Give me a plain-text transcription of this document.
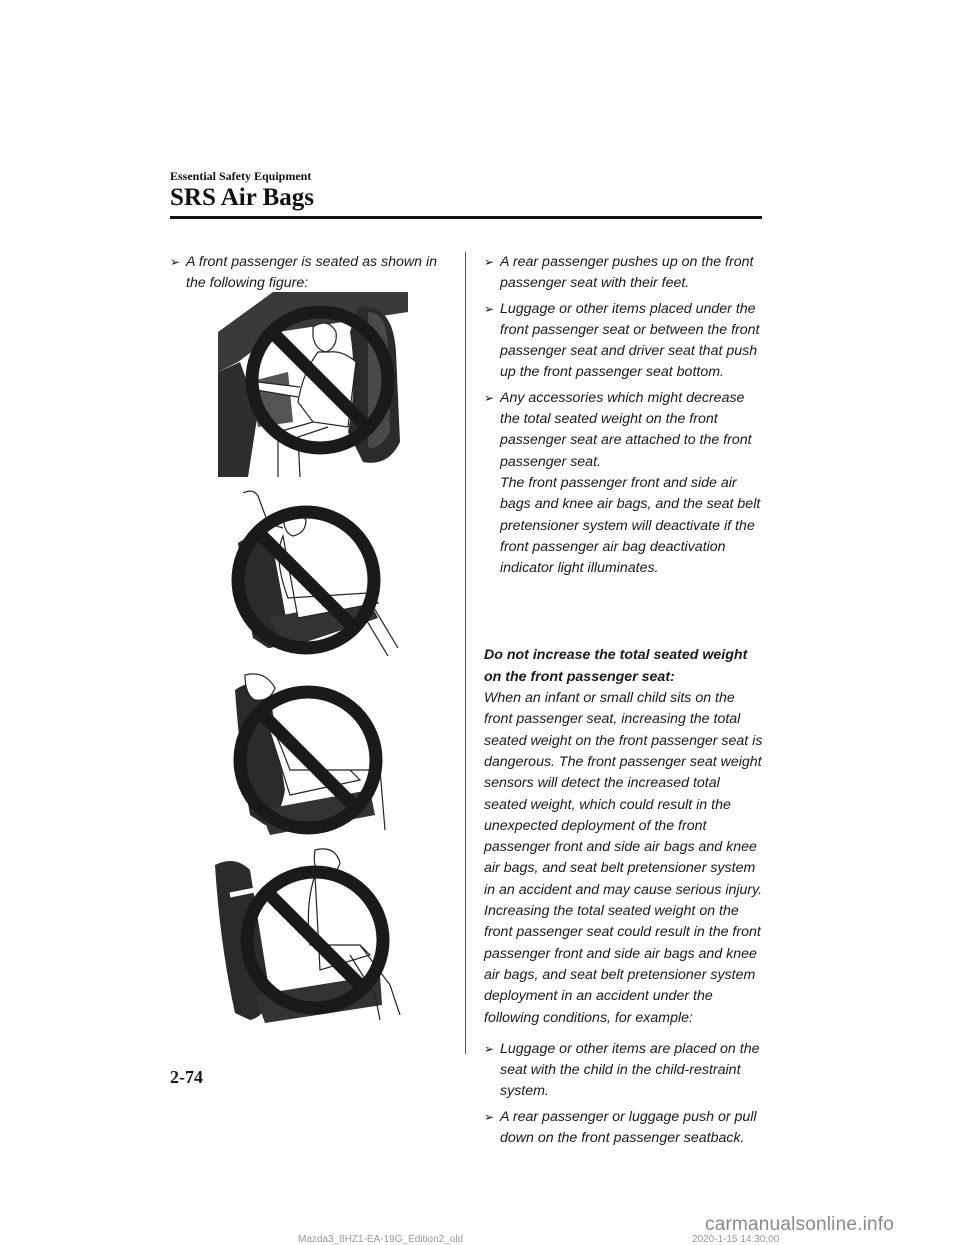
Essential Safety Equipment
SRS Air Bags
➢ A front passenger is seated as shown in the following figure:
➢ A rear passenger pushes up on the front passenger seat with their feet.
➢ Luggage or other items placed under the front passenger seat or between the front passenger seat and driver seat that push up the front passenger seat bottom.
➢ Any accessories which might decrease the total seated weight on the front passenger seat are attached to the front passenger seat.
The front passenger front and side air bags and knee air bags, and the seat belt pretensioner system will deactivate if the front passenger air bag deactivation indicator light illuminates.
Do not increase the total seated weight on the front passenger seat:
When an infant or small child sits on the front passenger seat, increasing the total seated weight on the front passenger seat is dangerous. The front passenger seat weight sensors will detect the increased total seated weight, which could result in the unexpected deployment of the front passenger front and side air bags and knee air bags, and seat belt pretensioner system in an accident and may cause serious injury. Increasing the total seated weight on the front passenger seat could result in the front passenger front and side air bags and knee air bags, and seat belt pretensioner system deployment in an accident under the following conditions, for example:
➢ Luggage or other items are placed on the seat with the child in the child-restraint system.
➢ A rear passenger or luggage push or pull down on the front passenger seatback.
2-74
Mazda3_8HZ1-EA-19G_Edition2_old	2020-1-15 14:30:00
carmanualsonline.info
